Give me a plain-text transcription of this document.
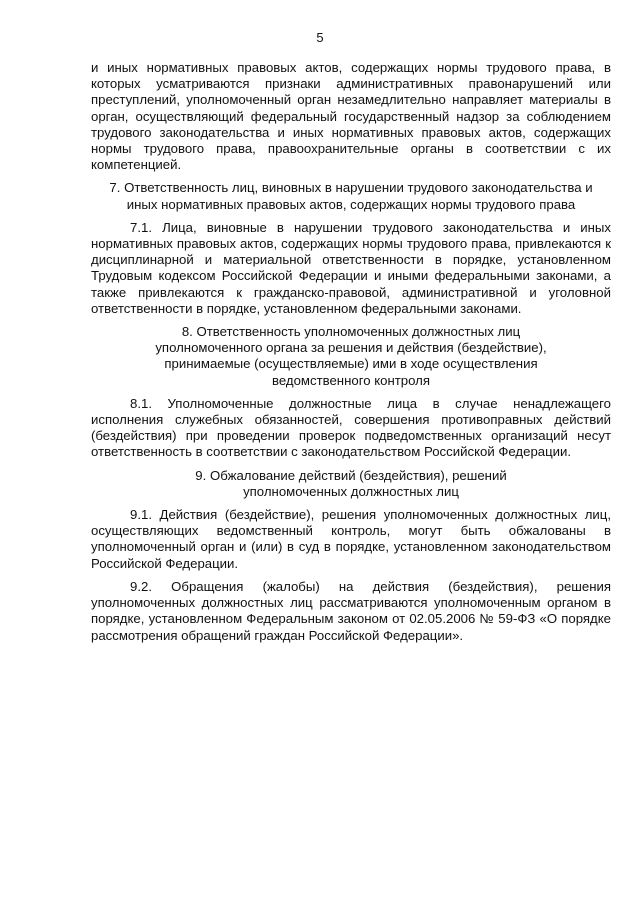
5

и иных нормативных правовых актов, содержащих нормы трудового права, в которых усматриваются признаки административных правонарушений или преступлений, уполномоченный орган незамедлительно направляет материалы в орган, осуществляющий федеральный государственный надзор за соблюдением трудового законодательства и иных нормативных правовых актов, содержащих нормы трудового права, правоохранительные органы в соответствии с их компетенцией.

7. Ответственность лиц, виновных в нарушении трудового законодательства и иных нормативных правовых актов, содержащих нормы трудового права

7.1. Лица, виновные в нарушении трудового законодательства и иных нормативных правовых актов, содержащих нормы трудового права, привлекаются к дисциплинарной и материальной ответственности в порядке, установленном Трудовым кодексом Российской Федерации и иными федеральными законами, а также привлекаются к гражданско-правовой, административной и уголовной ответственности в порядке, установленном федеральными законами.

8. Ответственность уполномоченных должностных лиц уполномоченного органа за решения и действия (бездействие), принимаемые (осуществляемые) ими в ходе осуществления ведомственного контроля

8.1. Уполномоченные должностные лица в случае ненадлежащего исполнения служебных обязанностей, совершения противоправных действий (бездействия) при проведении проверок подведомственных организаций несут ответственность в соответствии с законодательством Российской Федерации.

9. Обжалование действий (бездействия), решений уполномоченных должностных лиц

9.1. Действия (бездействие), решения уполномоченных должностных лиц, осуществляющих ведомственный контроль, могут быть обжалованы в уполномоченный орган и (или) в суд в порядке, установленном законодательством Российской Федерации.

9.2. Обращения (жалобы) на действия (бездействия), решения уполномоченных должностных лиц рассматриваются уполномоченным органом в порядке, установленном Федеральным законом от 02.05.2006 № 59-ФЗ «О порядке рассмотрения обращений граждан Российской Федерации».
